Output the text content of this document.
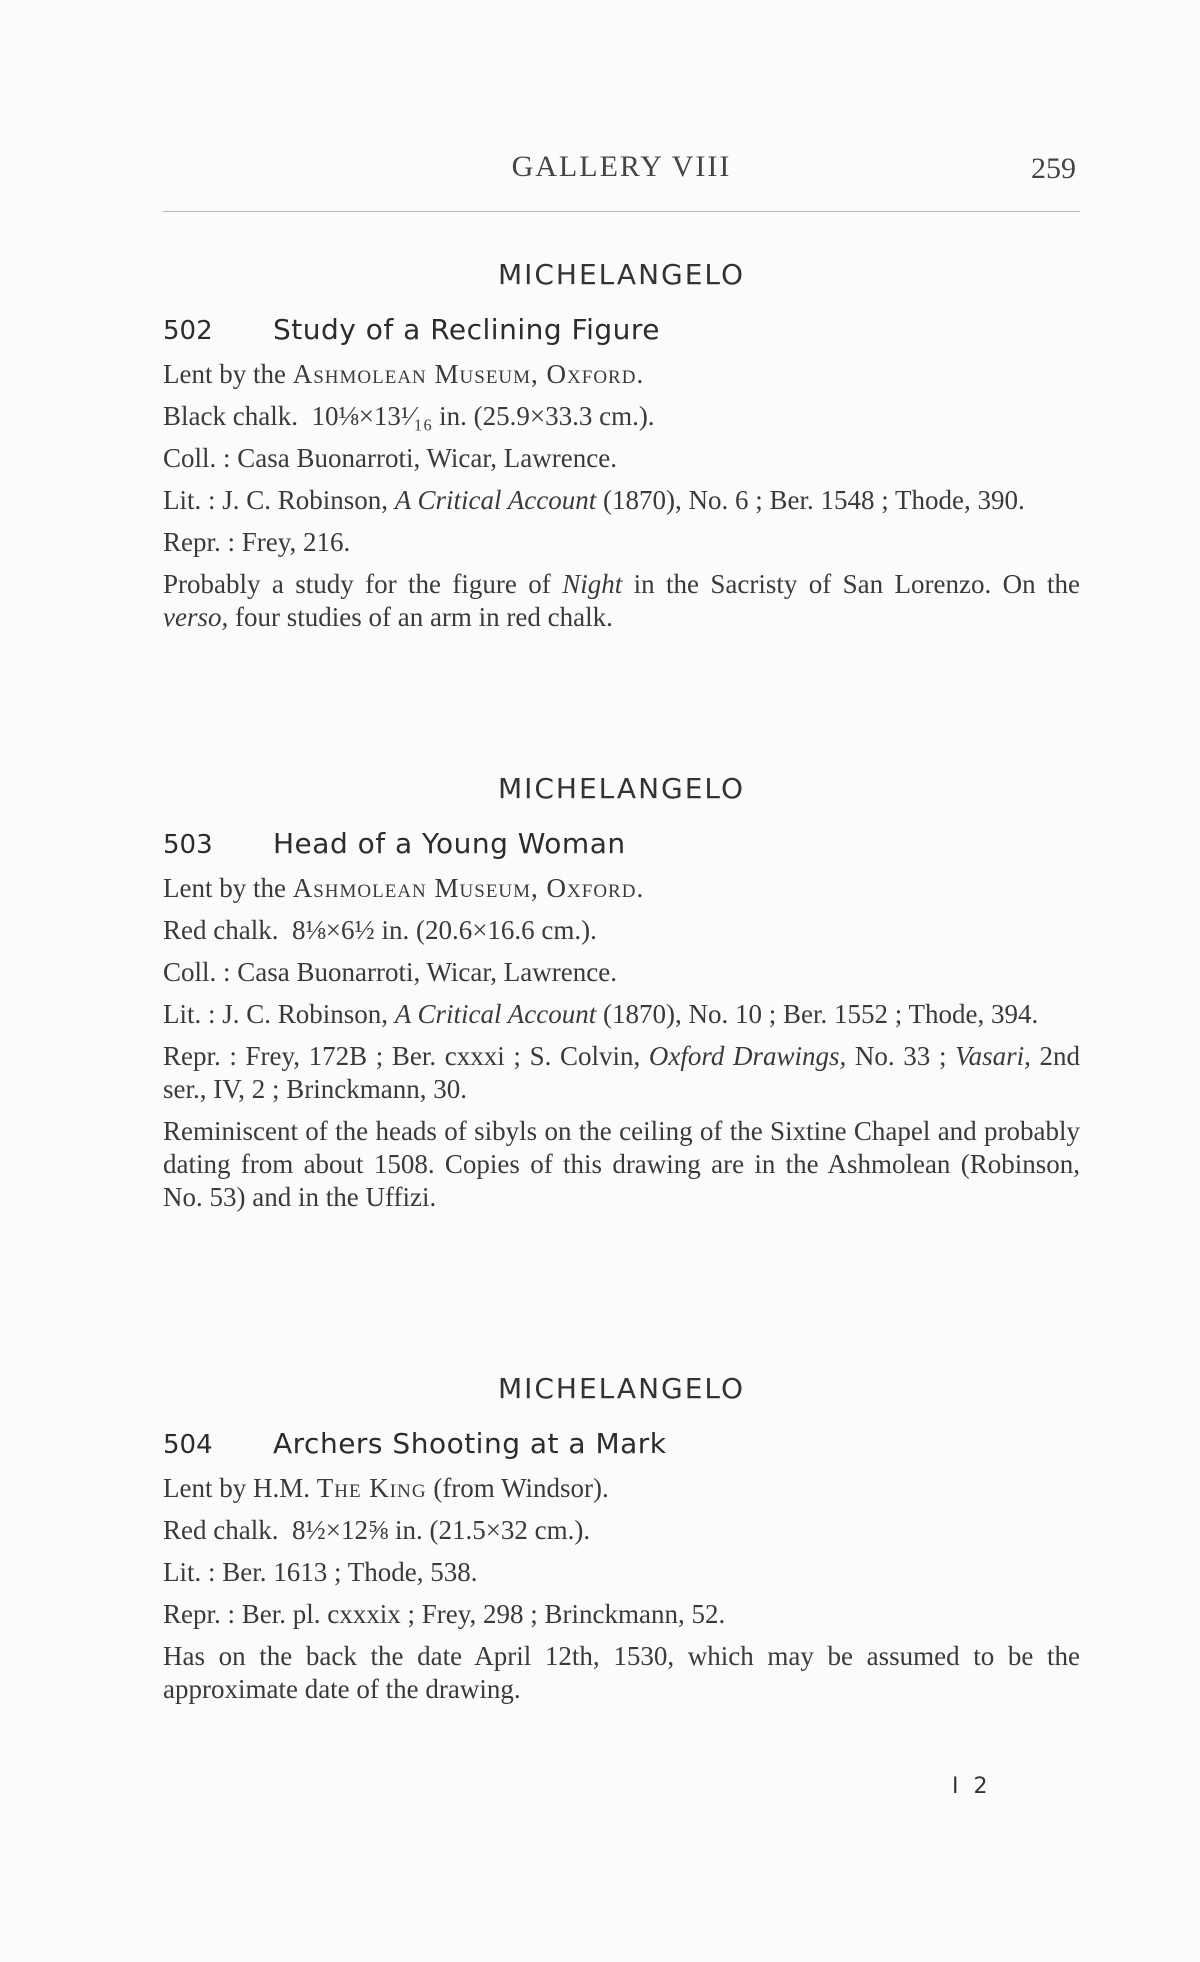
GALLERY VIII	259
MICHELANGELO
502 Study of a Reclining Figure
Lent by the Ashmolean Museum, Oxford.
Black chalk. 10⅛×13¹⁄₁₆ in. (25.9×33.3 cm.).
Coll. : Casa Buonarroti, Wicar, Lawrence.
Lit. : J. C. Robinson, A Critical Account (1870), No. 6 ; Ber. 1548 ; Thode, 390.
Repr. : Frey, 216.
Probably a study for the figure of Night in the Sacristy of San Lorenzo. On the verso, four studies of an arm in red chalk.
MICHELANGELO
503 Head of a Young Woman
Lent by the Ashmolean Museum, Oxford.
Red chalk. 8⅛×6½ in. (20.6×16.6 cm.).
Coll. : Casa Buonarroti, Wicar, Lawrence.
Lit. : J. C. Robinson, A Critical Account (1870), No. 10 ; Ber. 1552 ; Thode, 394.
Repr. : Frey, 172B ; Ber. cxxxi ; S. Colvin, Oxford Drawings, No. 33 ; Vasari, 2nd ser., IV, 2 ; Brinckmann, 30.
Reminiscent of the heads of sibyls on the ceiling of the Sixtine Chapel and probably dating from about 1508. Copies of this drawing are in the Ashmolean (Robinson, No. 53) and in the Uffizi.
MICHELANGELO
504 Archers Shooting at a Mark
Lent by H.M. The King (from Windsor).
Red chalk. 8½×12⅝ in. (21.5×32 cm.).
Lit. : Ber. 1613 ; Thode, 538.
Repr. : Ber. pl. cxxxix ; Frey, 298 ; Brinckmann, 52.
Has on the back the date April 12th, 1530, which may be assumed to be the approximate date of the drawing.
I 2
